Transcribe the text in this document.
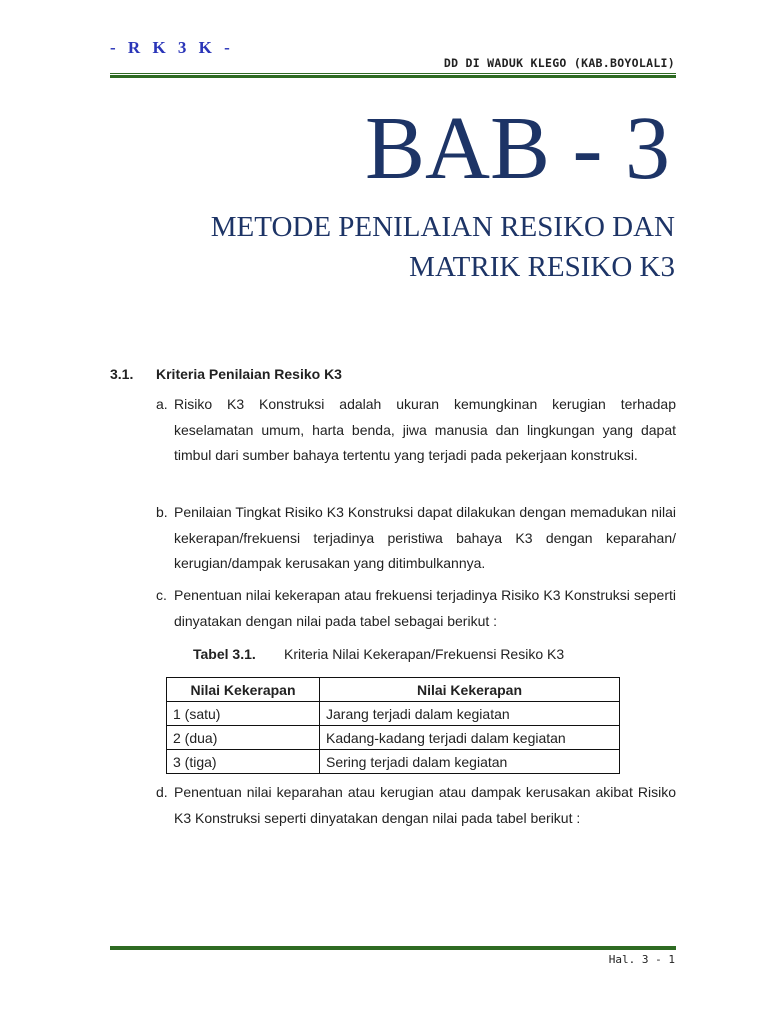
- R K 3 K -
DD DI WADUK KLEGO (KAB.BOYOLALI)
BAB - 3
METODE PENILAIAN RESIKO DAN
MATRIK RESIKO K3
3.1. Kriteria Penilaian Resiko K3
a. Risiko K3 Konstruksi adalah ukuran kemungkinan kerugian terhadap keselamatan umum, harta benda, jiwa manusia dan lingkungan yang dapat timbul dari sumber bahaya tertentu yang terjadi pada pekerjaan konstruksi.
b. Penilaian Tingkat Risiko K3 Konstruksi dapat dilakukan dengan memadukan nilai kekerapan/frekuensi terjadinya peristiwa bahaya K3 dengan keparahan/ kerugian/dampak kerusakan yang ditimbulkannya.
c. Penentuan nilai kekerapan atau frekuensi terjadinya Risiko K3 Konstruksi seperti dinyatakan dengan nilai pada tabel sebagai berikut :
Tabel 3.1. Kriteria Nilai Kekerapan/Frekuensi Resiko K3
Nilai Kekerapan	Nilai Kekerapan
1 (satu)	Jarang terjadi dalam kegiatan
2 (dua)	Kadang-kadang terjadi dalam kegiatan
3 (tiga)	Sering terjadi dalam kegiatan
d. Penentuan nilai keparahan atau kerugian atau dampak kerusakan akibat Risiko K3 Konstruksi seperti dinyatakan dengan nilai pada tabel berikut :
Hal. 3 - 1
